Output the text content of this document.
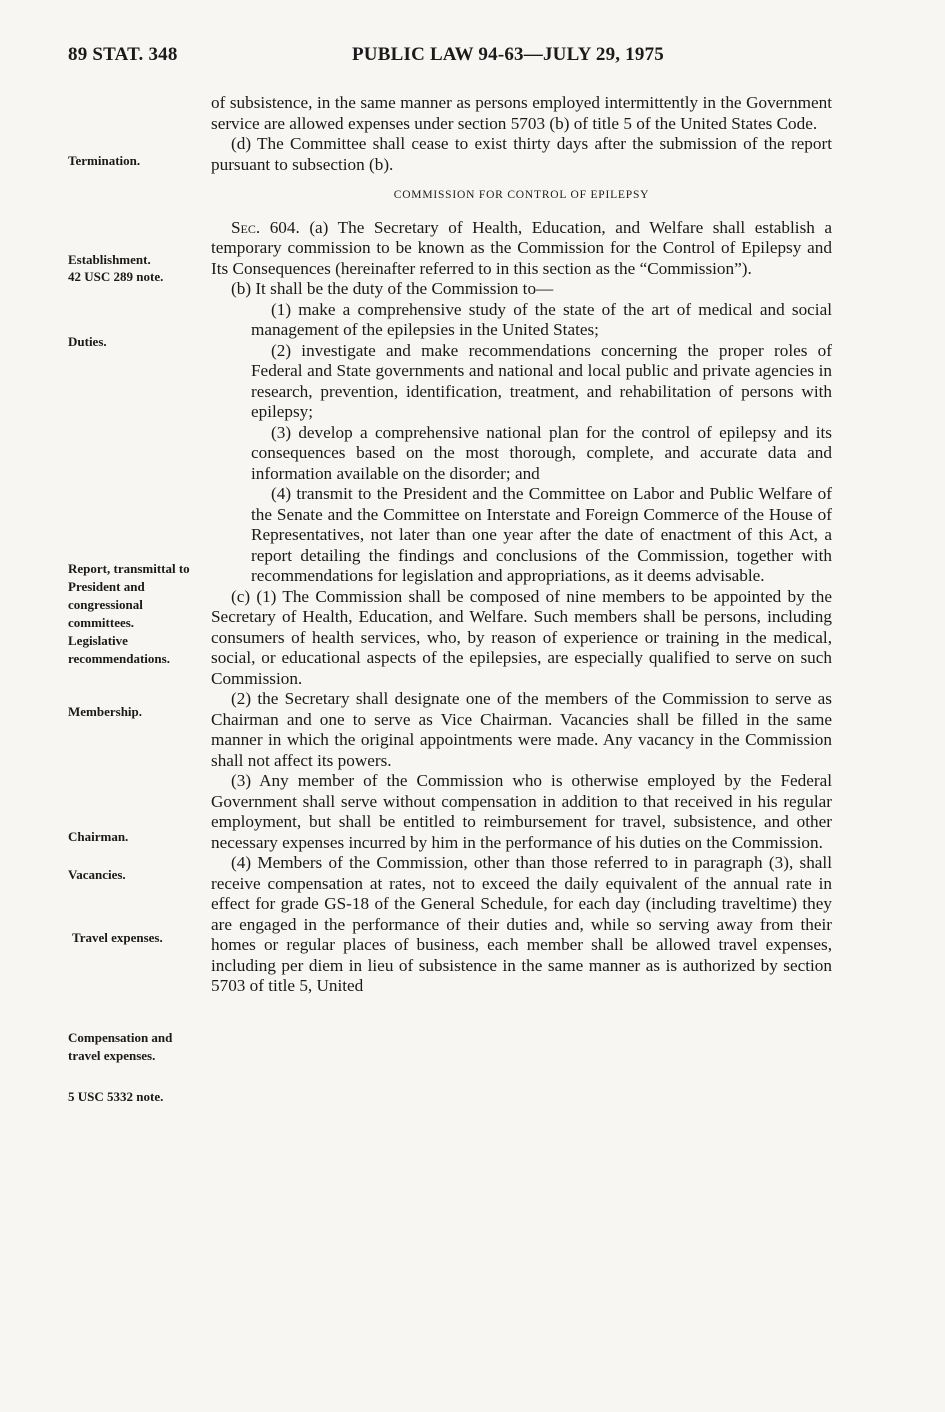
89 STAT. 348	PUBLIC LAW 94-63—JULY 29, 1975
Termination.
Establishment.
42 USC 289 note.
Duties.
Report, transmittal to President and congressional committees. Legislative recommendations.
Membership.
Chairman.
Vacancies.
Travel expenses.
Compensation and travel expenses.
5 USC 5332 note.

of subsistence, in the same manner as persons employed intermittently in the Government service are allowed expenses under section 5703 (b) of title 5 of the United States Code.

(d) The Committee shall cease to exist thirty days after the submission of the report pursuant to subsection (b).

COMMISSION FOR CONTROL OF EPILEPSY

Sec. 604. (a) The Secretary of Health, Education, and Welfare shall establish a temporary commission to be known as the Commission for the Control of Epilepsy and Its Consequences (hereinafter referred to in this section as the “Commission”).

(b) It shall be the duty of the Commission to—

(1) make a comprehensive study of the state of the art of medical and social management of the epilepsies in the United States;

(2) investigate and make recommendations concerning the proper roles of Federal and State governments and national and local public and private agencies in research, prevention, identification, treatment, and rehabilitation of persons with epilepsy;

(3) develop a comprehensive national plan for the control of epilepsy and its consequences based on the most thorough, complete, and accurate data and information available on the disorder; and

(4) transmit to the President and the Committee on Labor and Public Welfare of the Senate and the Committee on Interstate and Foreign Commerce of the House of Representatives, not later than one year after the date of enactment of this Act, a report detailing the findings and conclusions of the Commission, together with recommendations for legislation and appropriations, as it deems advisable.

(c) (1) The Commission shall be composed of nine members to be appointed by the Secretary of Health, Education, and Welfare. Such members shall be persons, including consumers of health services, who, by reason of experience or training in the medical, social, or educational aspects of the epilepsies, are especially qualified to serve on such Commission.

(2) the Secretary shall designate one of the members of the Commission to serve as Chairman and one to serve as Vice Chairman. Vacancies shall be filled in the same manner in which the original appointments were made. Any vacancy in the Commission shall not affect its powers.

(3) Any member of the Commission who is otherwise employed by the Federal Government shall serve without compensation in addition to that received in his regular employment, but shall be entitled to reimbursement for travel, subsistence, and other necessary expenses incurred by him in the performance of his duties on the Commission.

(4) Members of the Commission, other than those referred to in paragraph (3), shall receive compensation at rates, not to exceed the daily equivalent of the annual rate in effect for grade GS-18 of the General Schedule, for each day (including traveltime) they are engaged in the performance of their duties and, while so serving away from their homes or regular places of business, each member shall be allowed travel expenses, including per diem in lieu of subsistence in the same manner as is authorized by section 5703 of title 5, United
